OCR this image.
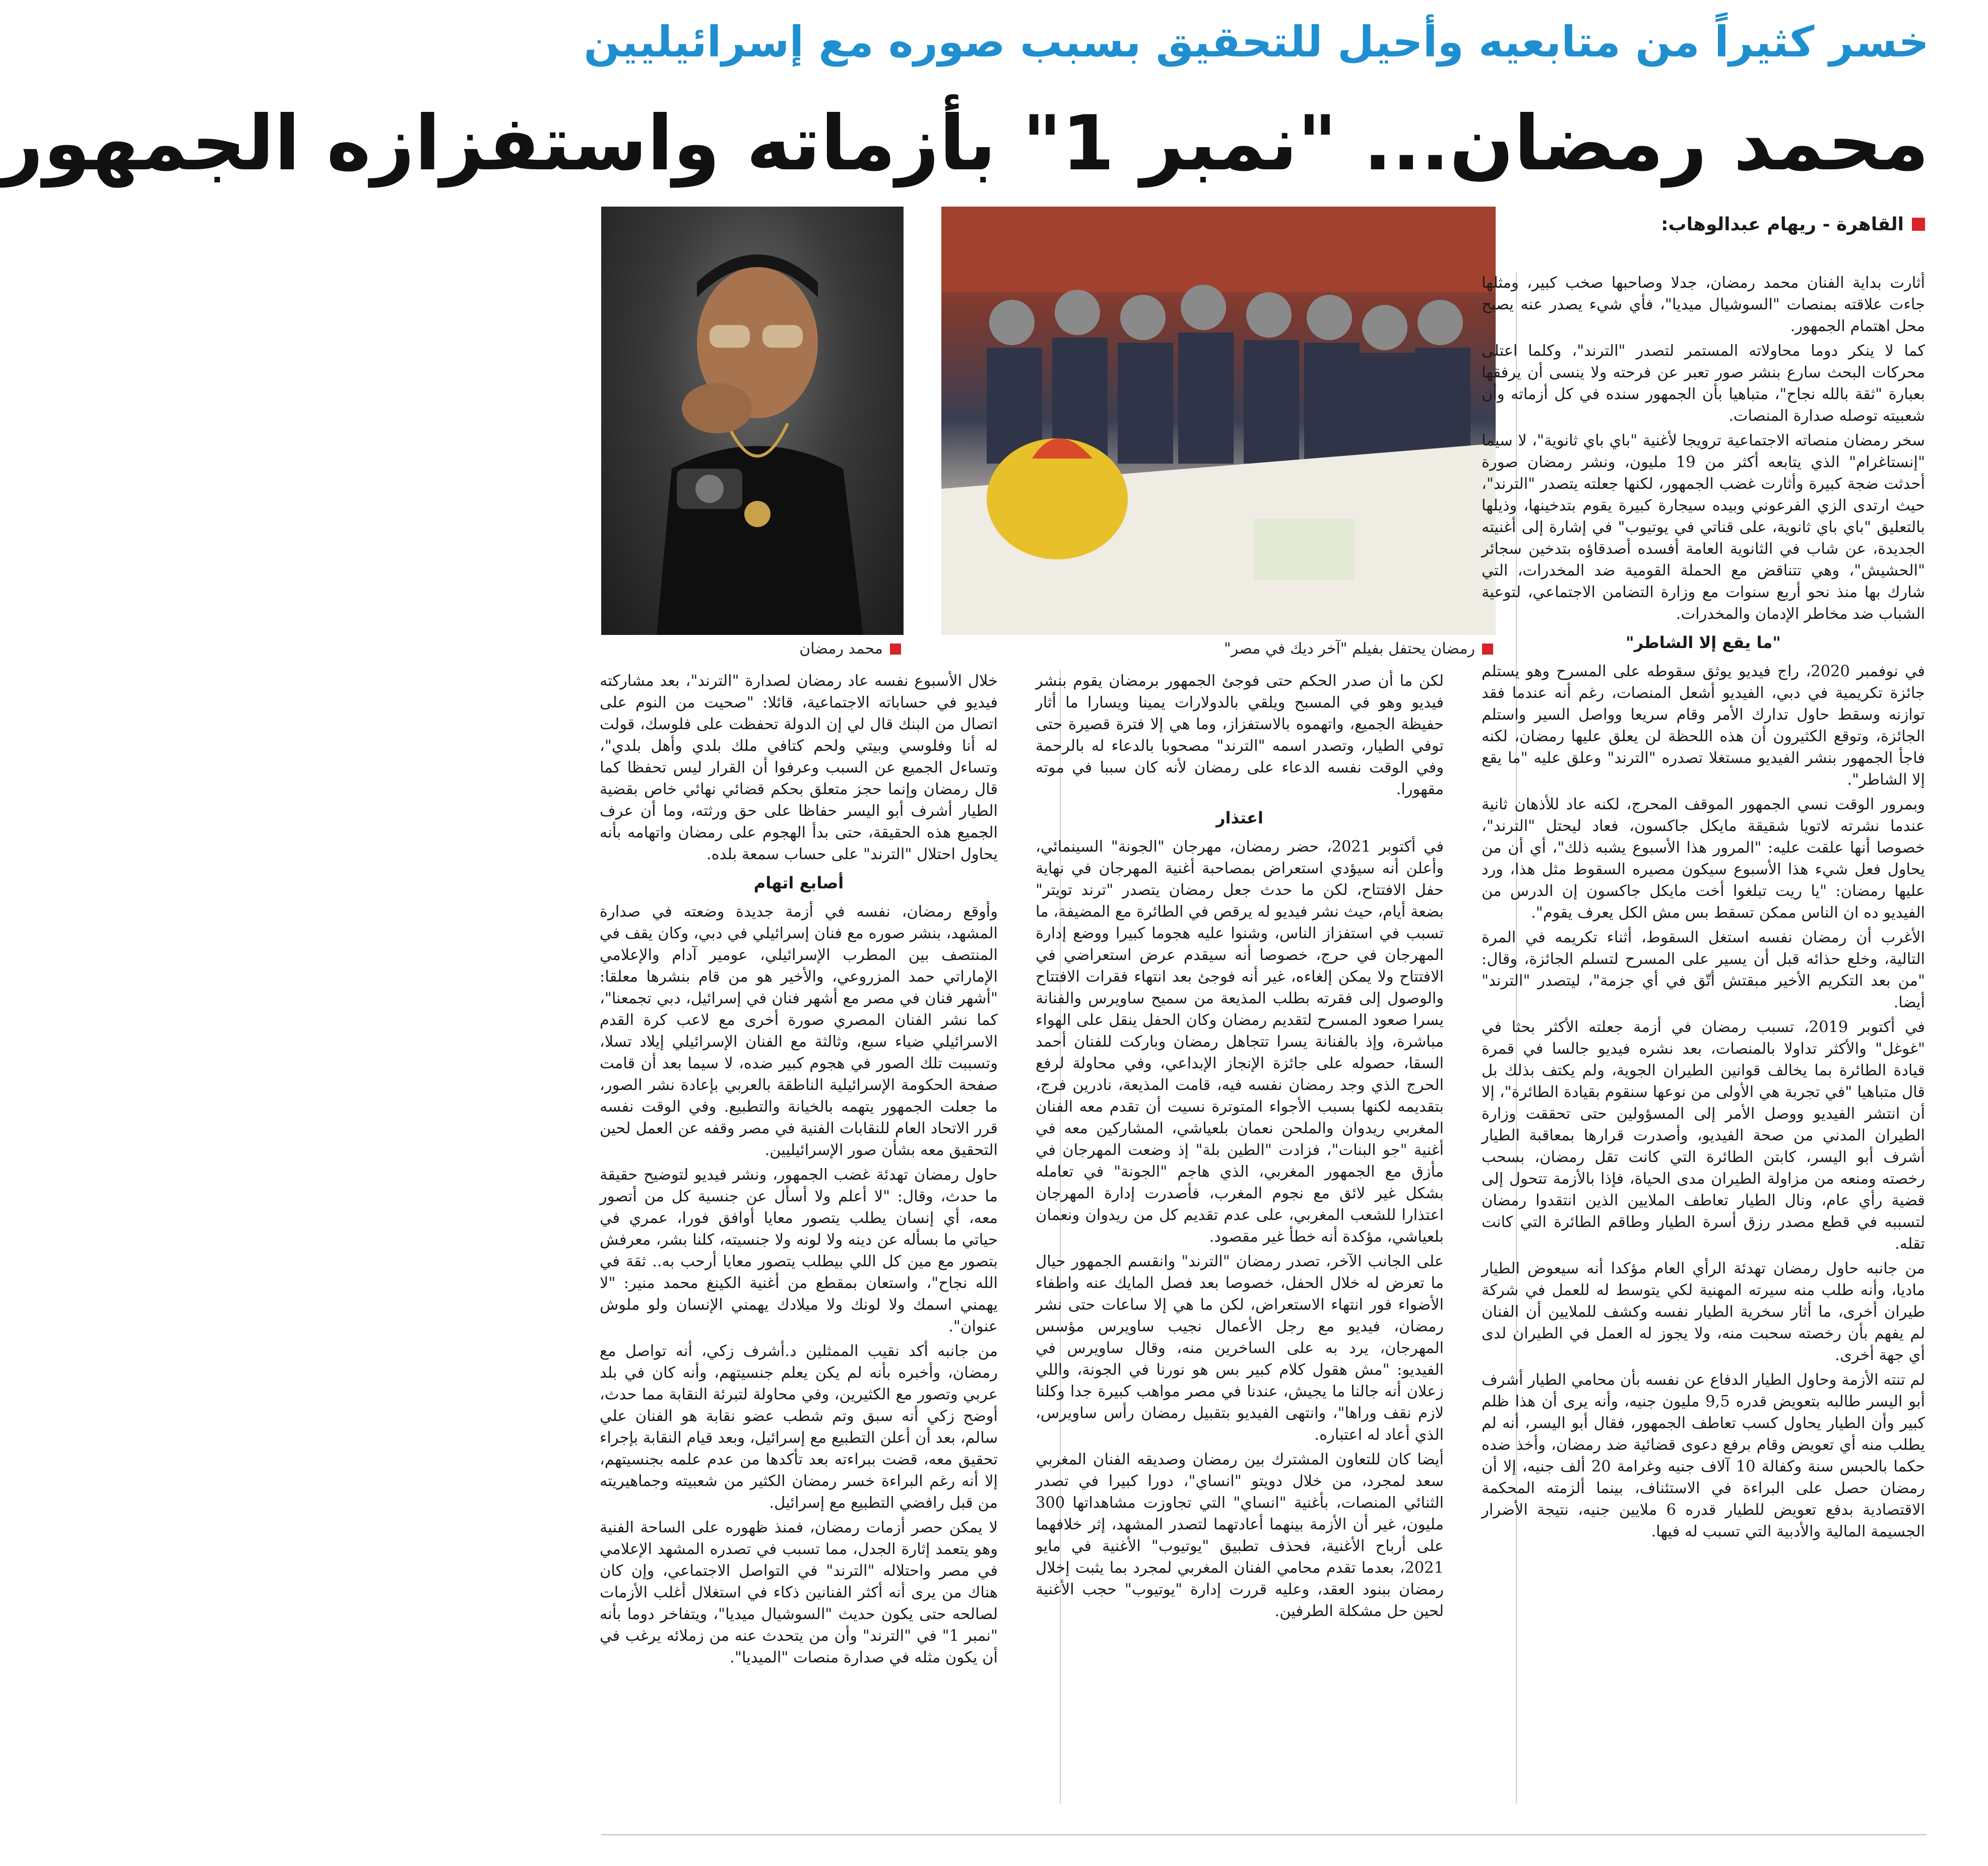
خسر كثيراً من متابعيه وأحيل للتحقيق بسبب صوره مع إسرائيليين
محمد رمضان... "نمبر 1" بأزماته واستفزازه الجمهور
محمد رمضان	رمضان يحتفل بفيلم "آخر ديك في مصر"
القاهرة - ريهام عبدالوهاب:

أثارت بداية الفنان محمد رمضان، جدلا وصاحبها صخب كبير، ومثلها جاءت علاقته بمنصات "السوشيال ميديا"، فأي شيء يصدر عنه يصبح محل اهتمام الجمهور.

كما لا ينكر دوما محاولاته المستمر لتصدر "الترند"، وكلما اعتلى محركات البحث سارع بنشر صور تعبر عن فرحته ولا ينسى أن يرفقها بعبارة "ثقة بالله نجاح"، متباهيا بأن الجمهور سنده في كل أزماته وأن شعبيته توصله صدارة المنصات.

سخر رمضان منصاته الاجتماعية ترويجا لأغنية "باي باي ثانوية"، لا سيما "إنستاغرام" الذي يتابعه أكثر من 19 مليون، ونشر رمضان صورة أحدثت ضجة كبيرة وأثارت غضب الجمهور، لكنها جعلته يتصدر "الترند"، حيث ارتدى الزي الفرعوني وبيده سيجارة كبيرة يقوم بتدخينها، وذيلها بالتعليق "باي باي ثانوية، على قناتي في يوتيوب" في إشارة إلى أغنيته الجديدة، عن شاب في الثانوية العامة أفسده أصدقاؤه بتدخين سجائر "الحشيش"، وهي تتناقض مع الحملة القومية ضد المخدرات، التي شارك بها منذ نحو أربع سنوات مع وزارة التضامن الاجتماعي، لتوعية الشباب ضد مخاطر الإدمان والمخدرات.

"ما يقع إلا الشاطر"

في نوفمبر 2020، راج فيديو يوثق سقوطه على المسرح وهو يستلم جائزة تكريمية في دبي، الفيديو أشعل المنصات، رغم أنه عندما فقد توازنه وسقط حاول تدارك الأمر وقام سريعا وواصل السير واستلم الجائزة، وتوقع الكثيرون أن هذه اللحظة لن يعلق عليها رمضان، لكنه فاجأ الجمهور بنشر الفيديو مستغلا تصدره "الترند" وعلق عليه "ما يقع إلا الشاطر".

وبمرور الوقت نسي الجمهور الموقف المحرج، لكنه عاد للأذهان ثانية عندما نشرته لاتويا شقيقة مايكل جاكسون، فعاد ليحتل "الترند"، خصوصا أنها علقت عليه: "المرور هذا الأسبوع يشبه ذلك"، أي أن من يحاول فعل شيء هذا الأسبوع سيكون مصيره السقوط مثل هذا، ورد عليها رمضان: "يا ريت تبلغوا أخت مايكل جاكسون إن الدرس من الفيديو ده ان الناس ممكن تسقط بس مش الكل يعرف يقوم".

الأغرب أن رمضان نفسه استغل السقوط، أثناء تكريمه في المرة التالية، وخلع حذائه قبل أن يسير على المسرح لتسلم الجائزة، وقال: "من بعد التكريم الأخير مبقتش أتّق في أي جزمة"، ليتصدر "الترند" أيضا.

في أكتوبر 2019، تسبب رمضان في أزمة جعلته الأكثر بحثا في "غوغل" والأكثر تداولا بالمنصات، بعد نشره فيديو جالسا في قمرة قيادة الطائرة بما يخالف قوانين الطيران الجوية، ولم يكتف بذلك بل قال متباهيا "في تجربة هي الأولى من نوعها سنقوم بقيادة الطائرة"، إلا أن انتشر الفيديو ووصل الأمر إلى المسؤولين حتى تحققت وزارة الطيران المدني من صحة الفيديو، وأصدرت قرارها بمعاقبة الطيار أشرف أبو اليسر، كابتن الطائرة التي كانت تقل رمضان، بسحب رخصته ومنعه من مزاولة الطيران مدى الحياة، فإذا بالأزمة تتحول إلى قضية رأي عام، ونال الطيار تعاطف الملايين الذين انتقدوا رمضان لتسببه في قطع مصدر رزق أسرة الطيار وطاقم الطائرة التي كانت تقله.

من جانبه حاول رمضان تهدئة الرأي العام مؤكدا أنه سيعوض الطيار ماديا، وأنه طلب منه سيرته المهنية لكي يتوسط له للعمل في شركة طيران أخرى، ما أثار سخرية الطيار نفسه وكشف للملايين أن الفنان لم يفهم بأن رخصته سحبت منه، ولا يجوز له العمل في الطيران لدى أي جهة أخرى.

لم تنته الأزمة وحاول الطيار الدفاع عن نفسه بأن محامي الطيار أشرف أبو اليسر طالبه بتعويض قدره 9,5 مليون جنيه، وأنه يرى أن هذا ظلم كبير وأن الطيار يحاول كسب تعاطف الجمهور، فقال أبو اليسر، أنه لم يطلب منه أي تعويض وقام برفع دعوى قضائية ضد رمضان، وأخذ ضده حكما بالحبس سنة وكفالة 10 آلاف جنيه وغرامة 20 ألف جنيه، إلا أن رمضان حصل على البراءة في الاستئناف، بينما ألزمته المحكمة الاقتصادية بدفع تعويض للطيار قدره 6 ملايين جنيه، نتيجة الأضرار الجسيمة المالية والأدبية التي تسبب له فيها.

لكن ما أن صدر الحكم حتى فوجئ الجمهور برمضان يقوم بنشر فيديو وهو في المسبح ويلقي بالدولارات يمينا ويسارا ما أثار حفيظة الجميع، واتهموه بالاستفزاز، وما هي إلا فترة قصيرة حتى توفي الطيار، وتصدر اسمه "الترند" مصحوبا بالدعاء له بالرحمة وفي الوقت نفسه الدعاء على رمضان لأنه كان سببا في موته مقهورا.

اعتذار

في أكتوبر 2021، حضر رمضان، مهرجان "الجونة" السينمائي، وأعلن أنه سيؤدي استعراض بمصاحبة أغنية المهرجان في نهاية حفل الافتتاح، لكن ما حدث جعل رمضان يتصدر "ترند تويتر" بضعة أيام، حيث نشر فيديو له يرقص في الطائرة مع المضيفة، ما تسبب في استفزاز الناس، وشنوا عليه هجوما كبيرا ووضع إدارة المهرجان في حرج، خصوصا أنه سيقدم عرض استعراضي في الافتتاح ولا يمكن إلغاءه، غير أنه فوجئ بعد انتهاء فقرات الافتتاح والوصول إلى فقرته بطلب المذيعة من سميح ساويرس والفنانة يسرا صعود المسرح لتقديم رمضان وكان الحفل ينقل على الهواء مباشرة، وإذ بالفنانة يسرا تتجاهل رمضان وباركت للفنان أحمد السقا، حصوله على جائزة الإنجاز الإبداعي، وفي محاولة لرفع الحرج الذي وجد رمضان نفسه فيه، قامت المذيعة، نادرين فرج، بتقديمه لكنها بسبب الأجواء المتوترة نسيت أن تقدم معه الفنان المغربي ريدوان والملحن نعمان بلعياشي، المشاركين معه في أغنية "جو البنات"، فزادت "الطين بلة" إذ وضعت المهرجان في مأزق مع الجمهور المغربي، الذي هاجم "الجونة" في تعامله بشكل غير لائق مع نجوم المغرب، فأصدرت إدارة المهرجان اعتذارا للشعب المغربي، على عدم تقديم كل من ريدوان ونعمان بلعياشي، مؤكدة أنه خطأ غير مقصود.

على الجانب الآخر، تصدر رمضان "الترند" وانقسم الجمهور حيال ما تعرض له خلال الحفل، خصوصا بعد فصل المايك عنه واطفاء الأضواء فور انتهاء الاستعراض، لكن ما هي إلا ساعات حتى نشر رمضان، فيديو مع رجل الأعمال نجيب ساويرس مؤسس المهرجان، يرد به على الساخرين منه، وقال ساويرس في الفيديو: "مش هقول كلام كبير بس هو نورنا في الجونة، واللي زعلان أنه جالنا ما يجيش، عندنا في مصر مواهب كبيرة جدا وكلنا لازم نقف وراها"، وانتهى الفيديو بتقبيل رمضان رأس ساويرس، الذي أعاد له اعتباره.

أيضا كان للتعاون المشترك بين رمضان وصديقه الفنان المغربي سعد لمجرد، من خلال دويتو "انساي"، دورا كبيرا في تصدر الثنائي المنصات، بأغنية "انساي" التي تجاوزت مشاهداتها 300 مليون، غير أن الأزمة بينهما أعادتهما لتصدر المشهد، إثر خلافهما على أرباح الأغنية، فحذف تطبيق "يوتيوب" الأغنية في مايو 2021، بعدما تقدم محامي الفنان المغربي لمجرد بما يثبت إخلال رمضان ببنود العقد، وعليه قررت إدارة "يوتيوب" حجب الأغنية لحين حل مشكلة الطرفين.

خلال الأسبوع نفسه عاد رمضان لصدارة "الترند"، بعد مشاركته فيديو في حساباته الاجتماعية، قائلا: "صحيت من النوم على اتصال من البنك قال لي إن الدولة تحفظت على فلوسك، قولت له أنا وفلوسي وبيتي ولحم كتافي ملك بلدي وأهل بلدي"، وتساءل الجميع عن السبب وعرفوا أن القرار ليس تحفظا كما قال رمضان وإنما حجز متعلق بحكم قضائي نهائي خاص بقضية الطيار أشرف أبو اليسر حفاظا على حق ورثته، وما أن عرف الجميع هذه الحقيقة، حتى بدأ الهجوم على رمضان واتهامه بأنه يحاول احتلال "الترند" على حساب سمعة بلده.

أصابع اتهام

وأوقع رمضان، نفسه في أزمة جديدة وضعته في صدارة المشهد، بنشر صوره مع فنان إسرائيلي في دبي، وكان يقف في المنتصف بين المطرب الإسرائيلي، عومير آدام والإعلامي الإماراتي حمد المزروعي، والأخير هو من قام بنشرها معلقا: "أشهر فنان في مصر مع أشهر فنان في إسرائيل، دبي تجمعنا"، كما نشر الفنان المصري صورة أخرى مع لاعب كرة القدم الاسرائيلي ضياء سبع، وثالثة مع الفنان الإسرائيلي إيلاد تسلا، وتسببت تلك الصور في هجوم كبير ضده، لا سيما بعد أن قامت صفحة الحكومة الإسرائيلية الناطقة بالعربي بإعادة نشر الصور، ما جعلت الجمهور يتهمه بالخيانة والتطبيع. وفي الوقت نفسه قرر الاتحاد العام للنقابات الفنية في مصر وقفه عن العمل لحين التحقيق معه بشأن صور الإسرائيليين.

حاول رمضان تهدئة غضب الجمهور، ونشر فيديو لتوضيح حقيقة ما حدث، وقال: "لا أعلم ولا أسأل عن جنسية كل من أتصور معه، أي إنسان يطلب يتصور معايا أوافق فورا، عمري في حياتي ما بسأله عن دينه ولا لونه ولا جنسيته، كلنا بشر، معرفش بتصور مع مين كل اللي بيطلب يتصور معايا أرحب به.. ثقة في الله نجاح"، واستعان بمقطع من أغنية الكينغ محمد منير: "لا يهمني اسمك ولا لونك ولا ميلادك يهمني الإنسان ولو ملوش عنوان".

من جانبه أكد نقيب الممثلين د.أشرف زكي، أنه تواصل مع رمضان، وأخبره بأنه لم يكن يعلم جنسيتهم، وأنه كان في بلد عربي وتصور مع الكثيرين، وفي محاولة لتبرئة النقابة مما حدث، أوضح زكي أنه سبق وتم شطب عضو نقابة هو الفنان علي سالم، بعد أن أعلن التطبيع مع إسرائيل، وبعد قيام النقابة بإجراء تحقيق معه، قضت ببراءته بعد تأكدها من عدم علمه بجنسيتهم، إلا أنه رغم البراءة خسر رمضان الكثير من شعبيته وجماهيريته من قبل رافضي التطبيع مع إسرائيل.

لا يمكن حصر أزمات رمضان، فمنذ ظهوره على الساحة الفنية وهو يتعمد إثارة الجدل، مما تسبب في تصدره المشهد الإعلامي في مصر واحتلاله "الترند" في التواصل الاجتماعي، وإن كان هناك من يرى أنه أكثر الفنانين ذكاء في استغلال أغلب الأزمات لصالحه حتى يكون حديث "السوشيال ميديا"، ويتفاخر دوما بأنه "نمبر 1" في "الترند" وأن من يتحدث عنه من زملائه يرغب في أن يكون مثله في صدارة منصات "الميديا".
